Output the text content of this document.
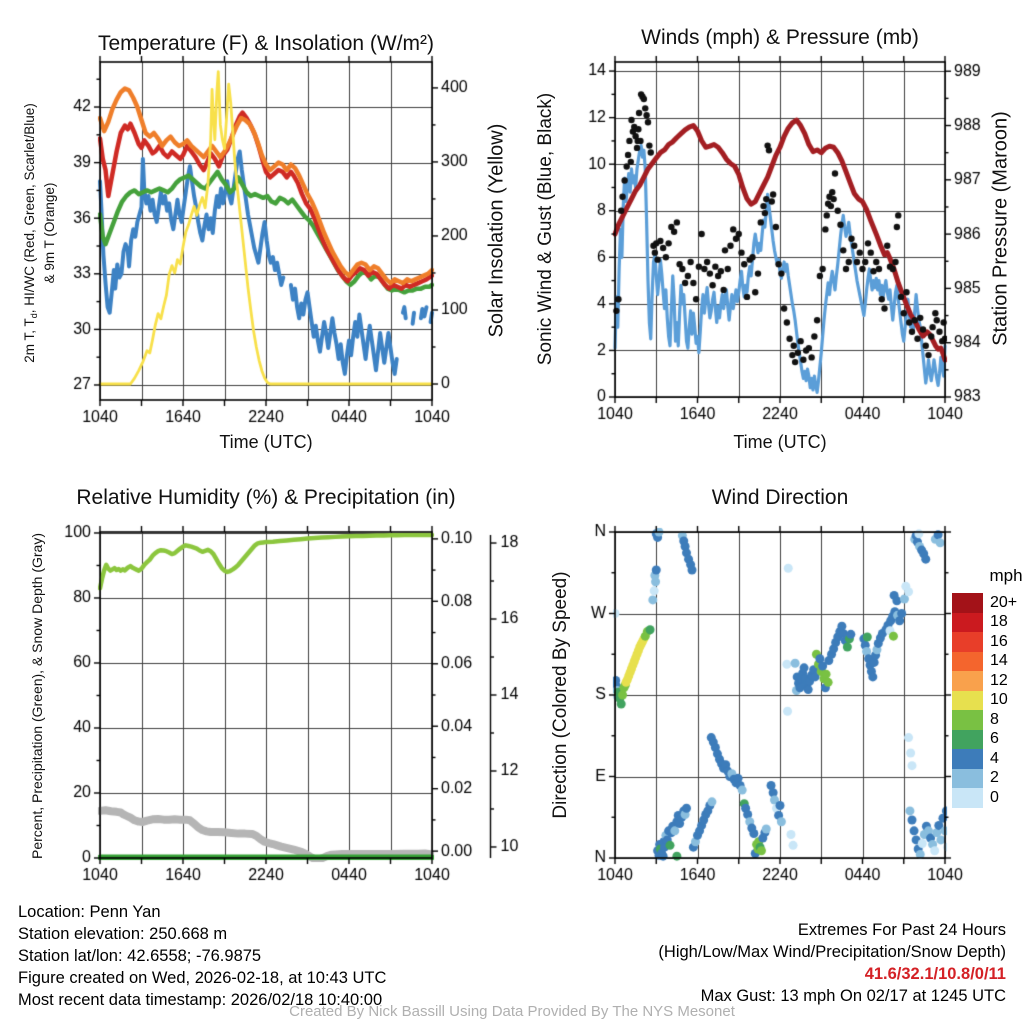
Temperature (F) & Insolation (W/m²)	Winds (mph) & Pressure (mb)
Relative Humidity (%) & Precipitation (in)	Wind Direction
Time (UTC)	Time (UTC)
2m T, $T_d$, HI/WC (Red, Green, Scarlet/Blue) & 9m T (Orange)	Solar Insolation (Yellow) Sonic Wind & Gust (Blue, Black)	Station Pressure (Maroon)
Percent, Precipitation (Green), & Snow Depth (Gray)	Direction (Colored By Speed)	mph
20+
18
16
14
12
10
8
6
4
2
0
Location: Penn Yan
Station elevation: 250.668 m
Station lat/lon: 42.6558; -76.9875
Figure created on Wed, 2026-02-18, at 10:43 UTC
Most recent data timestamp: 2026/02/18 10:40:00
Extremes For Past 24 Hours
(High/Low/Max Wind/Precipitation/Snow Depth)
41.6/32.1/10.8/0/11
Max Gust: 13 mph On 02/17 at 1245 UTC
Created By Nick Bassill Using Data Provided By The NYS Mesonet
